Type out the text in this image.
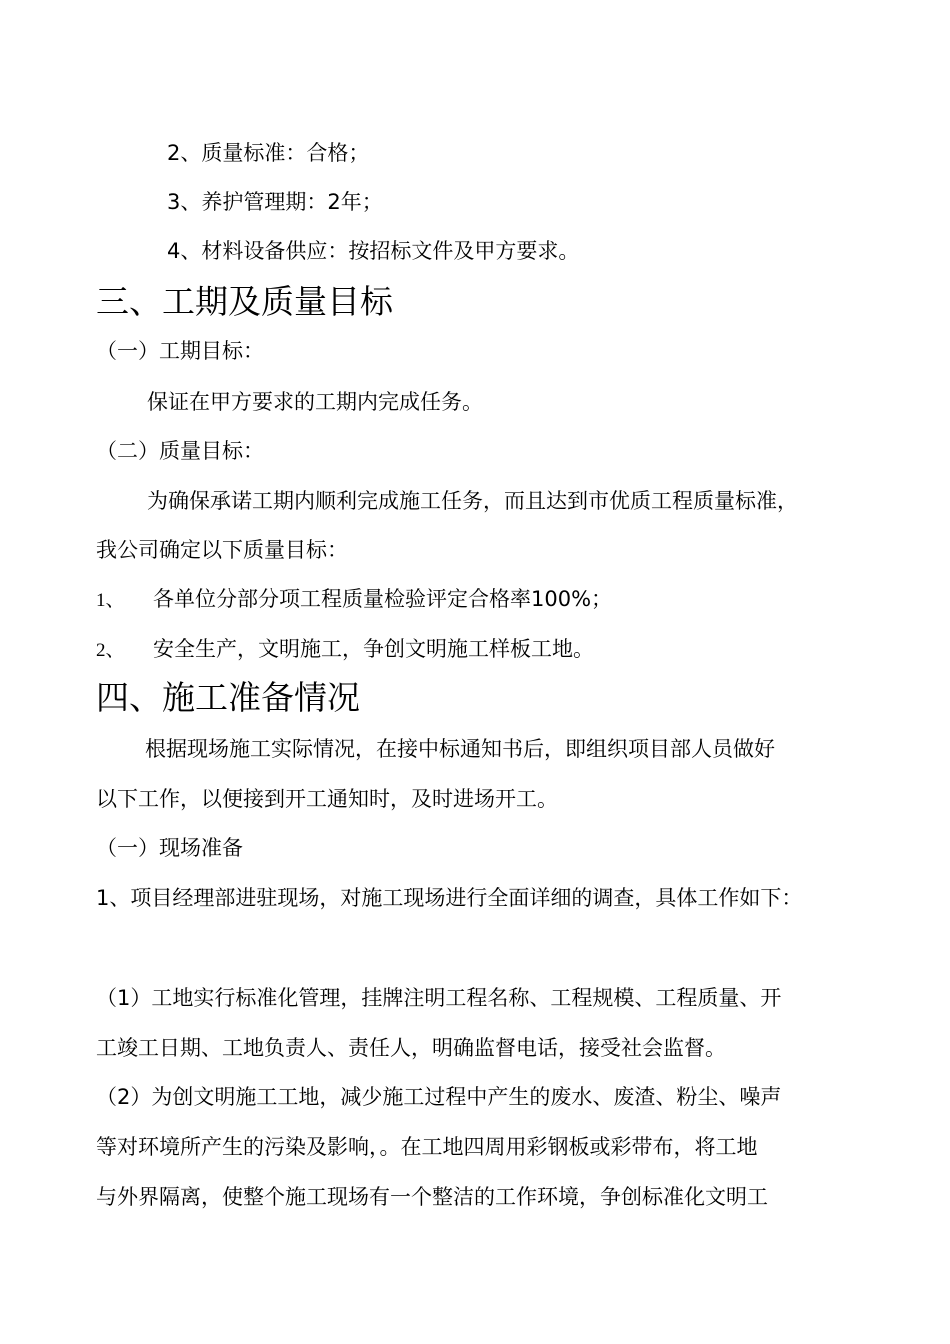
2、质量标准：合格；
3、养护管理期：2年；
4、材料设备供应：按招标文件及甲方要求。
三、工期及质量目标
（一）工期目标：
保证在甲方要求的工期内完成任务。
（二）质量目标：
为确保承诺工期内顺利完成施工任务，而且达到市优质工程质量标准，
我公司确定以下质量目标：
1、 各单位分部分项工程质量检验评定合格率100%；
2、 安全生产，文明施工，争创文明施工样板工地。
四、施工准备情况
根据现场施工实际情况，在接中标通知书后，即组织项目部人员做好
以下工作，以便接到开工通知时，及时进场开工。
（一）现场准备
1、项目经理部进驻现场，对施工现场进行全面详细的调查，具体工作如下：
（1）工地实行标准化管理，挂牌注明工程名称、工程规模、工程质量、开
工竣工日期、工地负责人、责任人，明确监督电话，接受社会监督。
（2）为创文明施工工地，减少施工过程中产生的废水、废渣、粉尘、噪声
等对环境所产生的污染及影响，。在工地四周用彩钢板或彩带布，将工地
与外界隔离，使整个施工现场有一个整洁的工作环境，争创标准化文明工
